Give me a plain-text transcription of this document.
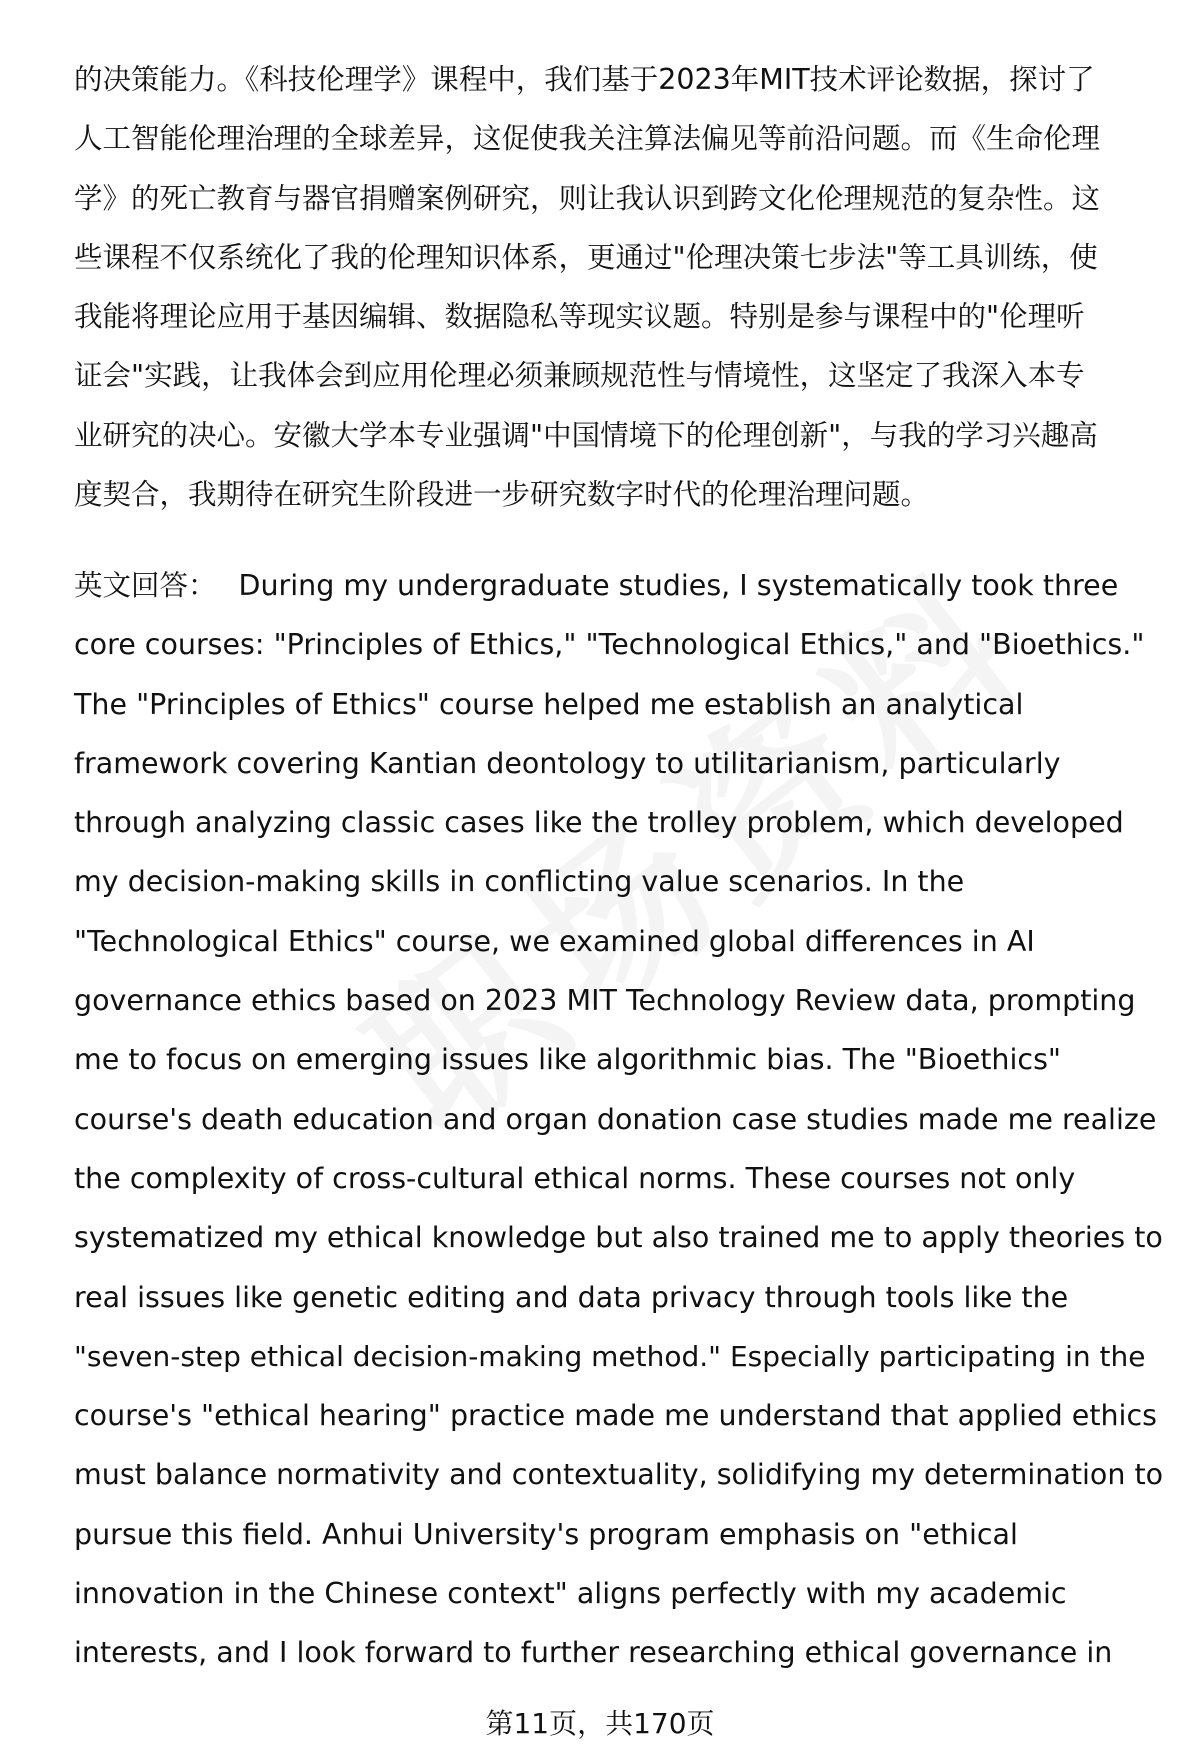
的决策能力。《科技伦理学》课程中，我们基于2023年MIT技术评论数据，探讨了
人工智能伦理治理的全球差异，这促使我关注算法偏见等前沿问题。而《生命伦理
学》的死亡教育与器官捐赠案例研究，则让我认识到跨文化伦理规范的复杂性。这
些课程不仅系统化了我的伦理知识体系，更通过"伦理决策七步法"等工具训练，使
我能将理论应用于基因编辑、数据隐私等现实议题。特别是参与课程中的"伦理听
证会"实践，让我体会到应用伦理必须兼顾规范性与情境性，这坚定了我深入本专
业研究的决心。安徽大学本专业强调"中国情境下的伦理创新"，与我的学习兴趣高
度契合，我期待在研究生阶段进一步研究数字时代的伦理治理问题。
英文回答： During my undergraduate studies, I systematically took three
core courses: "Principles of Ethics," "Technological Ethics," and "Bioethics."
The "Principles of Ethics" course helped me establish an analytical
framework covering Kantian deontology to utilitarianism, particularly
through analyzing classic cases like the trolley problem, which developed
my decision-making skills in conflicting value scenarios. In the
"Technological Ethics" course, we examined global differences in AI
governance ethics based on 2023 MIT Technology Review data, prompting
me to focus on emerging issues like algorithmic bias. The "Bioethics"
course's death education and organ donation case studies made me realize
the complexity of cross-cultural ethical norms. These courses not only
systematized my ethical knowledge but also trained me to apply theories to
real issues like genetic editing and data privacy through tools like the
"seven-step ethical decision-making method." Especially participating in the
course's "ethical hearing" practice made me understand that applied ethics
must balance normativity and contextuality, solidifying my determination to
pursue this field. Anhui University's program emphasis on "ethical
innovation in the Chinese context" aligns perfectly with my academic
interests, and I look forward to further researching ethical governance in
第11页，共170页
